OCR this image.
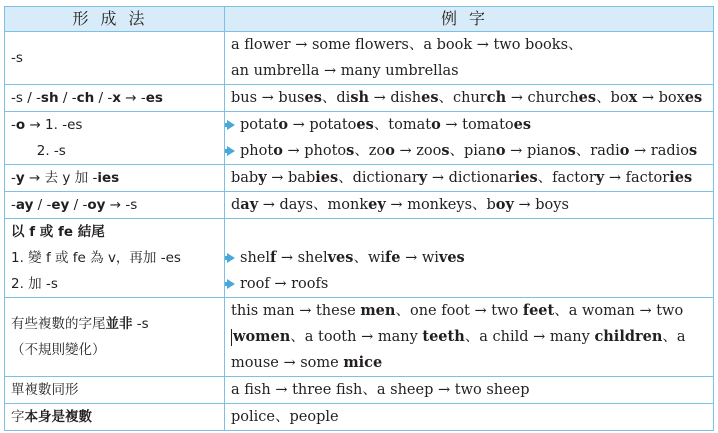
形成法	例字

-s	a flower → some flowers、a book → two books、
an umbrella → many umbrellas

-s / -sh / -ch / -x → -es	bus → buses、dish → dishes、church → churches、box → boxes

-o → 1. -es
2. -s	potato → potatoes、tomato → tomatoes
photo → photos、zoo → zoos、piano → pianos、radio → radios

-y → 去 y 加 -ies	baby → babies、dictionary → dictionaries、factory → factories

-ay / -ey / -oy → -s	day → days、monkey → monkeys、boy → boys

以 f 或 fe 結尾
1. 變 f 或 fe 為 v，再加 -es
2. 加 -s	shelf → shelves、wife → wives
roof → roofs

有些複數的字尾並非 -s
（不規則變化）	this man → these men、one foot → two feet、a woman → two
women、a tooth → many teeth、a child → many children、a
mouse → some mice

單複數同形	a fish → three fish、a sheep → two sheep

字本身是複數	police、people
